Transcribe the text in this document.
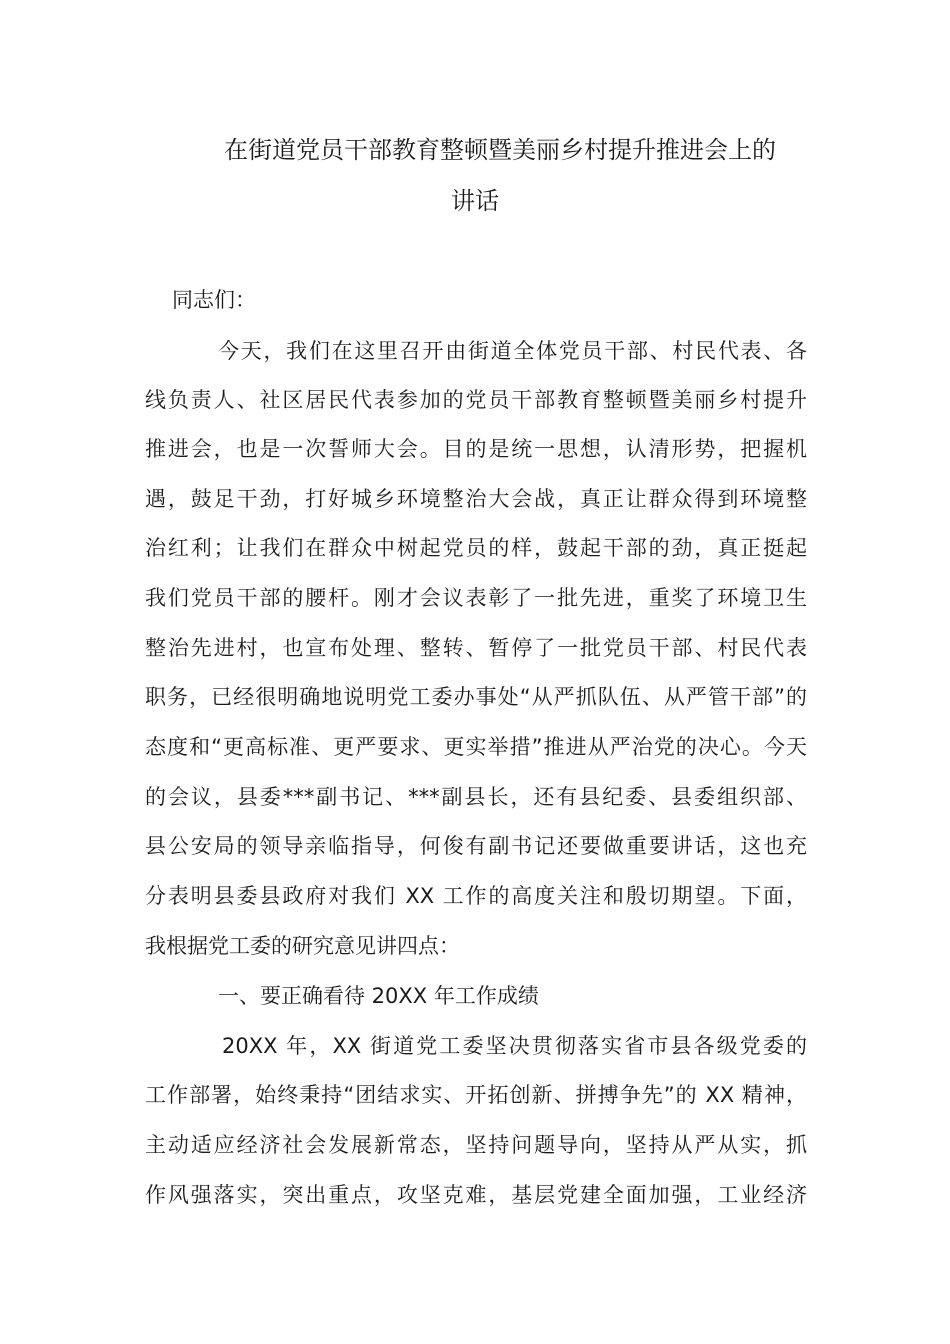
在街道党员干部教育整顿暨美丽乡村提升推进会上的
讲话
同志们：
今天，我们在这里召开由街道全体党员干部、村民代表、各
线负责人、社区居民代表参加的党员干部教育整顿暨美丽乡村提升
推进会，也是一次誓师大会。目的是统一思想，认清形势，把握机
遇，鼓足干劲，打好城乡环境整治大会战，真正让群众得到环境整
治红利；让我们在群众中树起党员的样，鼓起干部的劲，真正挺起
我们党员干部的腰杆。刚才会议表彰了一批先进，重奖了环境卫生
整治先进村，也宣布处理、整转、暂停了一批党员干部、村民代表
职务，已经很明确地说明党工委办事处“从严抓队伍、从严管干部”的
态度和“更高标准、更严要求、更实举措”推进从严治党的决心。今天
的会议，县委***副书记、***副县长，还有县纪委、县委组织部、
县公安局的领导亲临指导，何俊有副书记还要做重要讲话，这也充
分表明县委县政府对我们 XX 工作的高度关注和殷切期望。下面，
我根据党工委的研究意见讲四点：
一、要正确看待 20XX 年工作成绩
20XX 年，XX 街道党工委坚决贯彻落实省市县各级党委的
工作部署，始终秉持“团结求实、开拓创新、拼搏争先”的 XX 精神，
主动适应经济社会发展新常态，坚持问题导向，坚持从严从实，抓
作风强落实，突出重点，攻坚克难，基层党建全面加强，工业经济
